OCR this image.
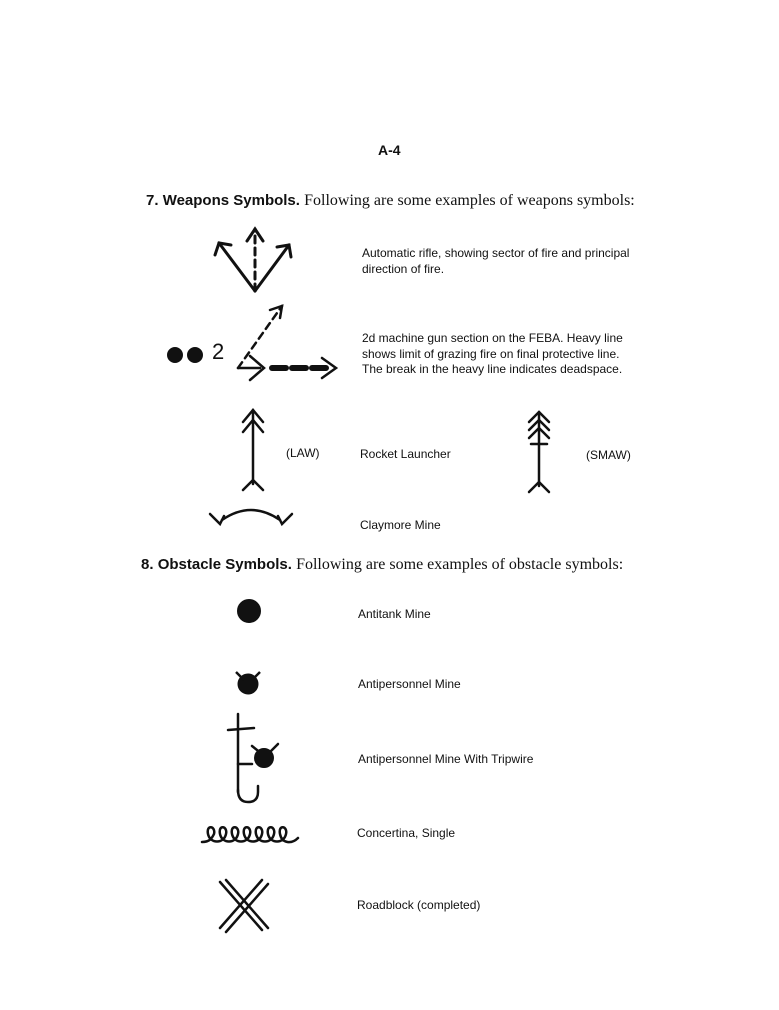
A-4
7. Weapons Symbols. Following are some examples of weapons symbols:
Automatic rifle, showing sector of fire and principal direction of fire.
2
2d machine gun section on the FEBA. Heavy line shows limit of grazing fire on final protective line. The break in the heavy line indicates deadspace.
(LAW)	Rocket Launcher	(SMAW)
Claymore Mine
8. Obstacle Symbols. Following are some examples of obstacle symbols:
Antitank Mine
Antipersonnel Mine
Antipersonnel Mine With Tripwire
Concertina, Single
Roadblock (completed)
